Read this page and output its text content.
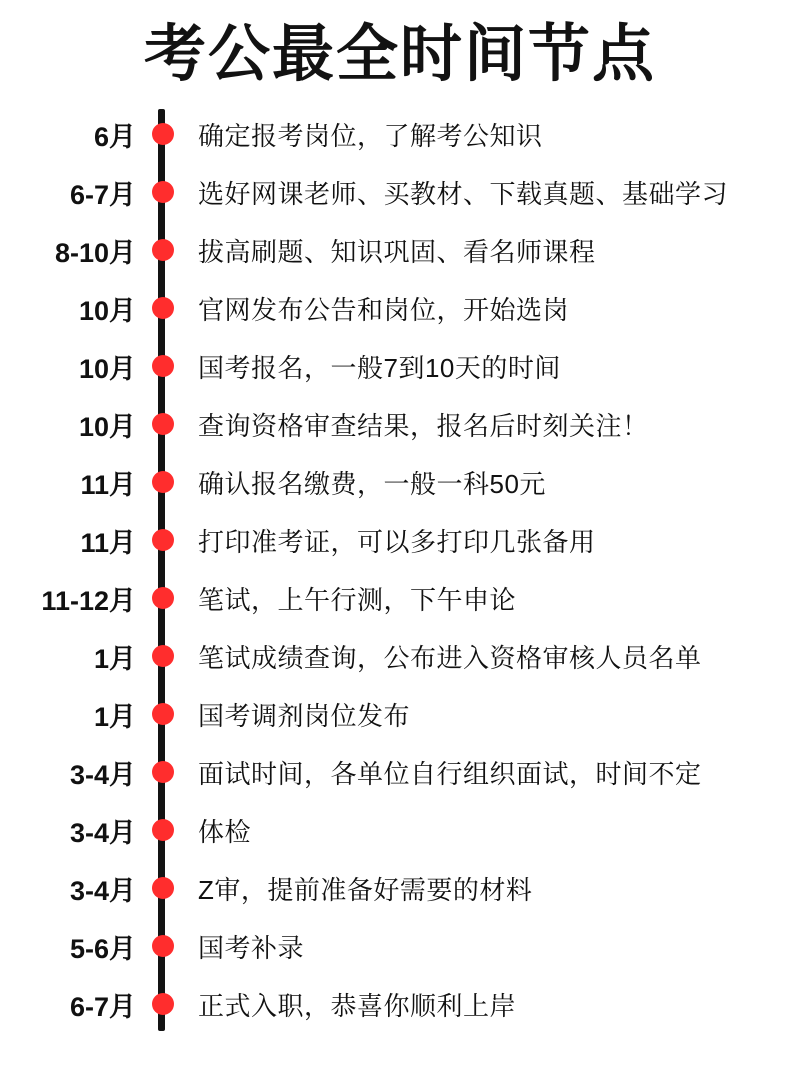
考公最全时间节点
6月	确定报考岗位，了解考公知识
6-7月	选好网课老师、买教材、下载真题、基础学习
8-10月	拔高刷题、知识巩固、看名师课程
10月	官网发布公告和岗位，开始选岗
10月	国考报名，一般7到10天的时间
10月	查询资格审查结果，报名后时刻关注！
11月	确认报名缴费，一般一科50元
11月	打印准考证，可以多打印几张备用
11-12月	笔试，上午行测，下午申论
1月	笔试成绩查询，公布进入资格审核人员名单
1月	国考调剂岗位发布
3-4月	面试时间，各单位自行组织面试，时间不定
3-4月	体检
3-4月	Z审，提前准备好需要的材料
5-6月	国考补录
6-7月	正式入职，恭喜你顺利上岸
